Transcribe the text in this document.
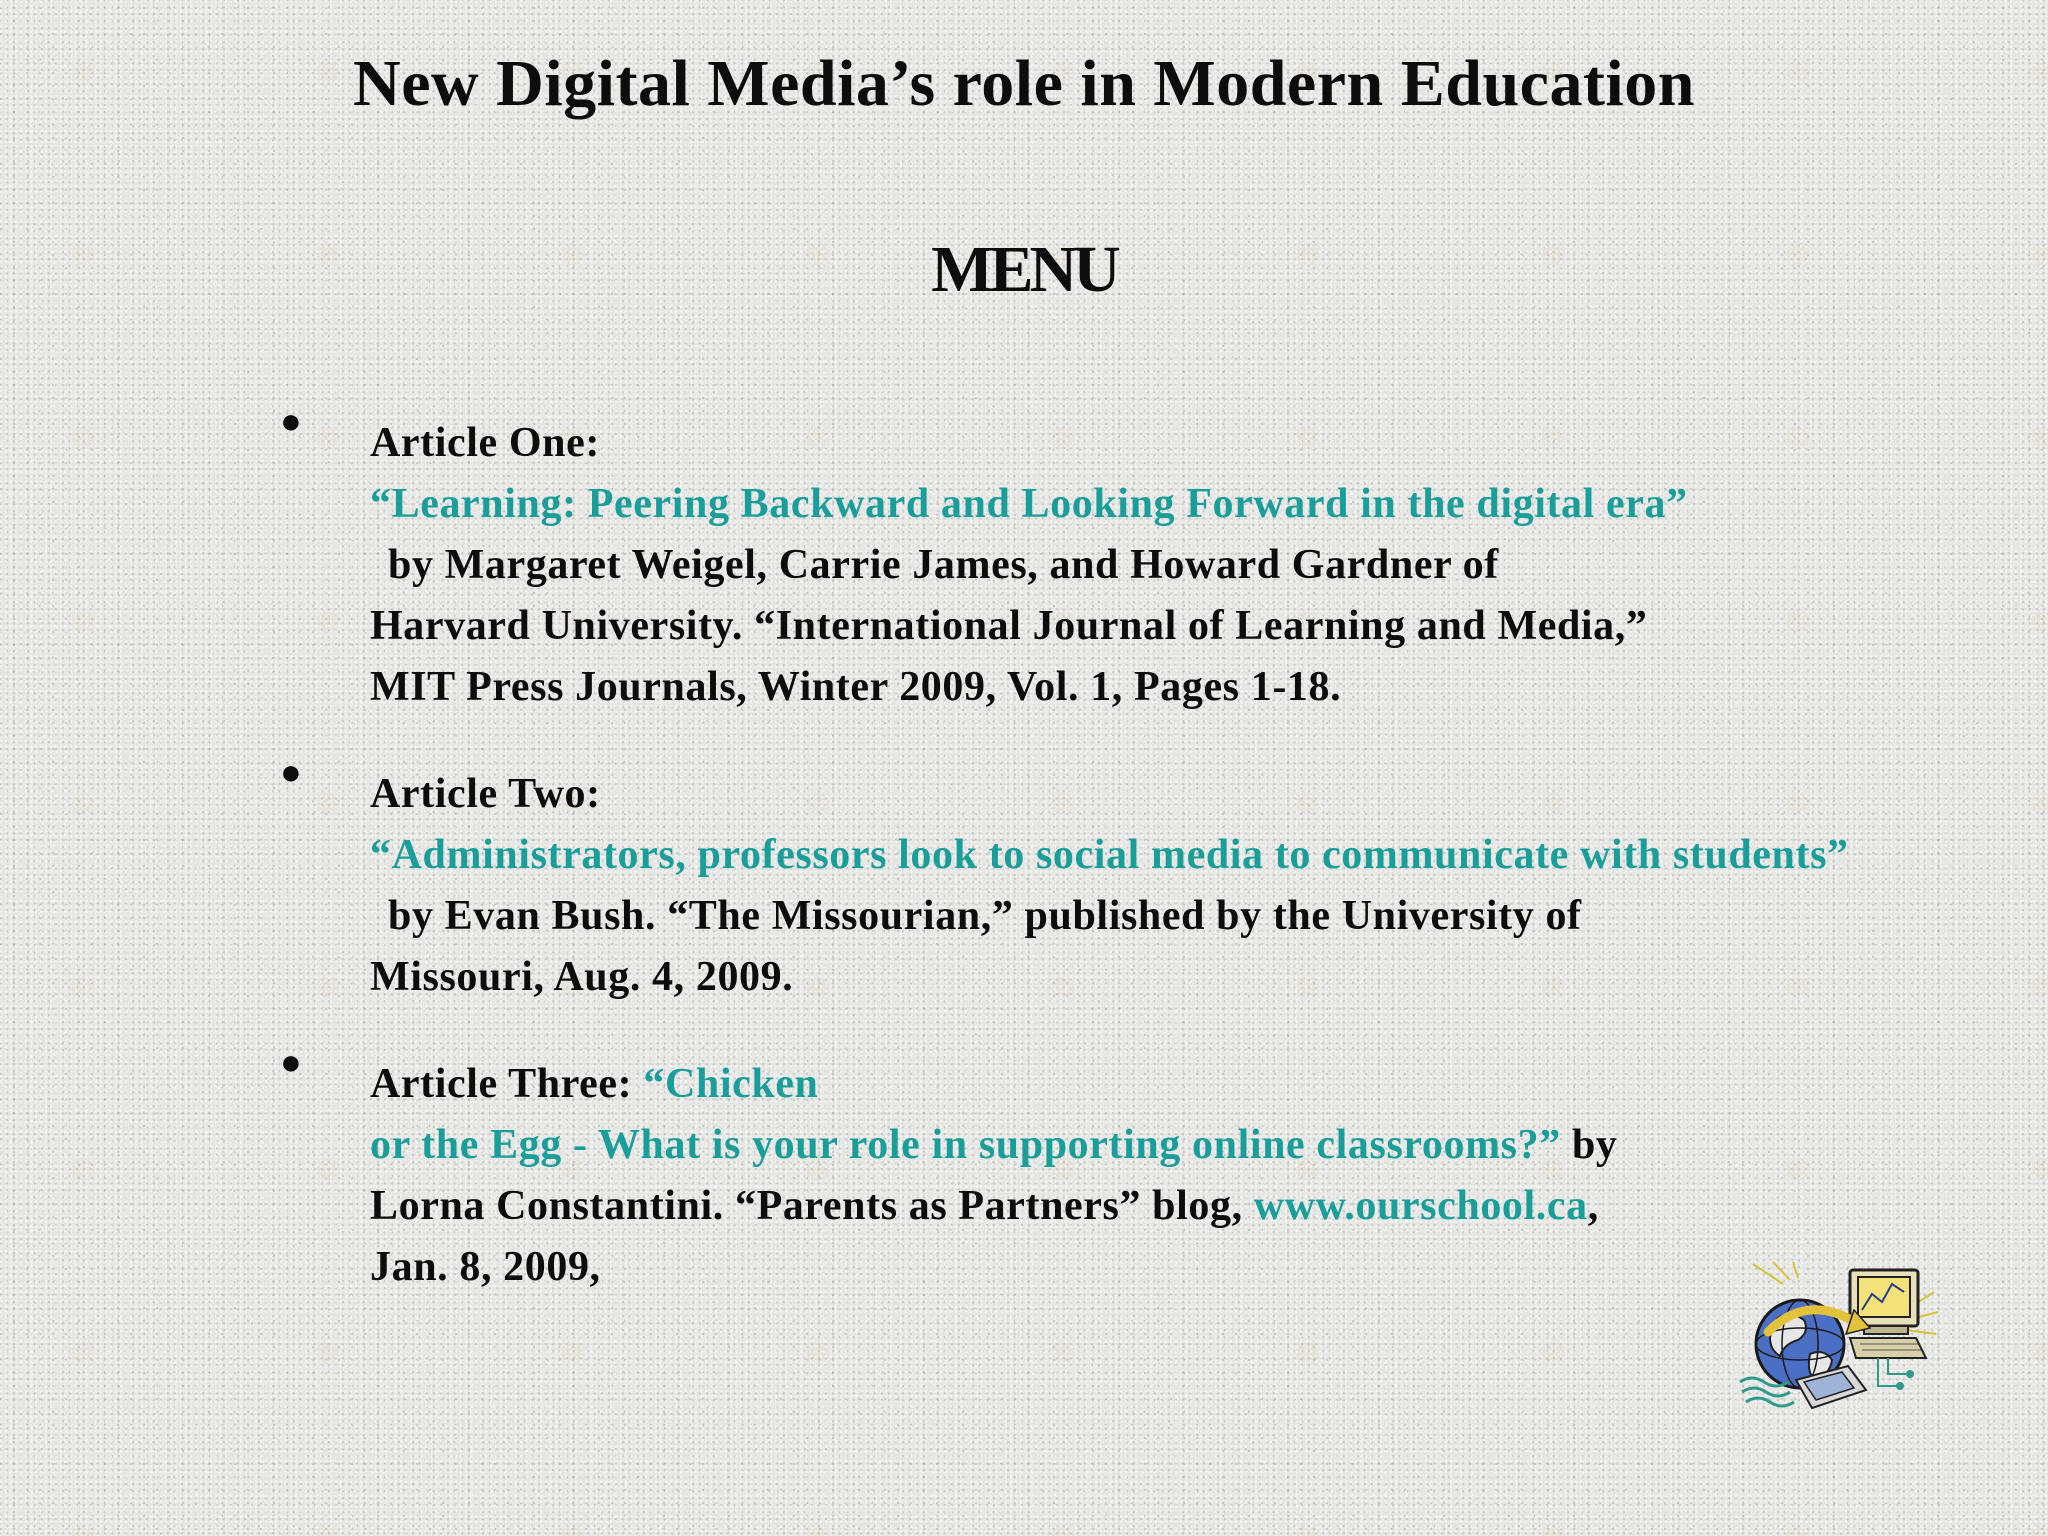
New Digital Media’s role in Modern Education
MENU
● Article One:
“Learning: Peering Backward and Looking Forward in the digital era”
by Margaret Weigel, Carrie James, and Howard Gardner of
Harvard University. “International Journal of Learning and Media,”
MIT Press Journals, Winter 2009, Vol. 1, Pages 1-18.
● Article Two:
“Administrators, professors look to social media to communicate with students”
by Evan Bush. “The Missourian,” published by the University of
Missouri, Aug. 4, 2009.
● Article Three: “Chicken
or the Egg - What is your role in supporting online classrooms?” by
Lorna Constantini. “Parents as Partners” blog, www.ourschool.ca,
Jan. 8, 2009,
